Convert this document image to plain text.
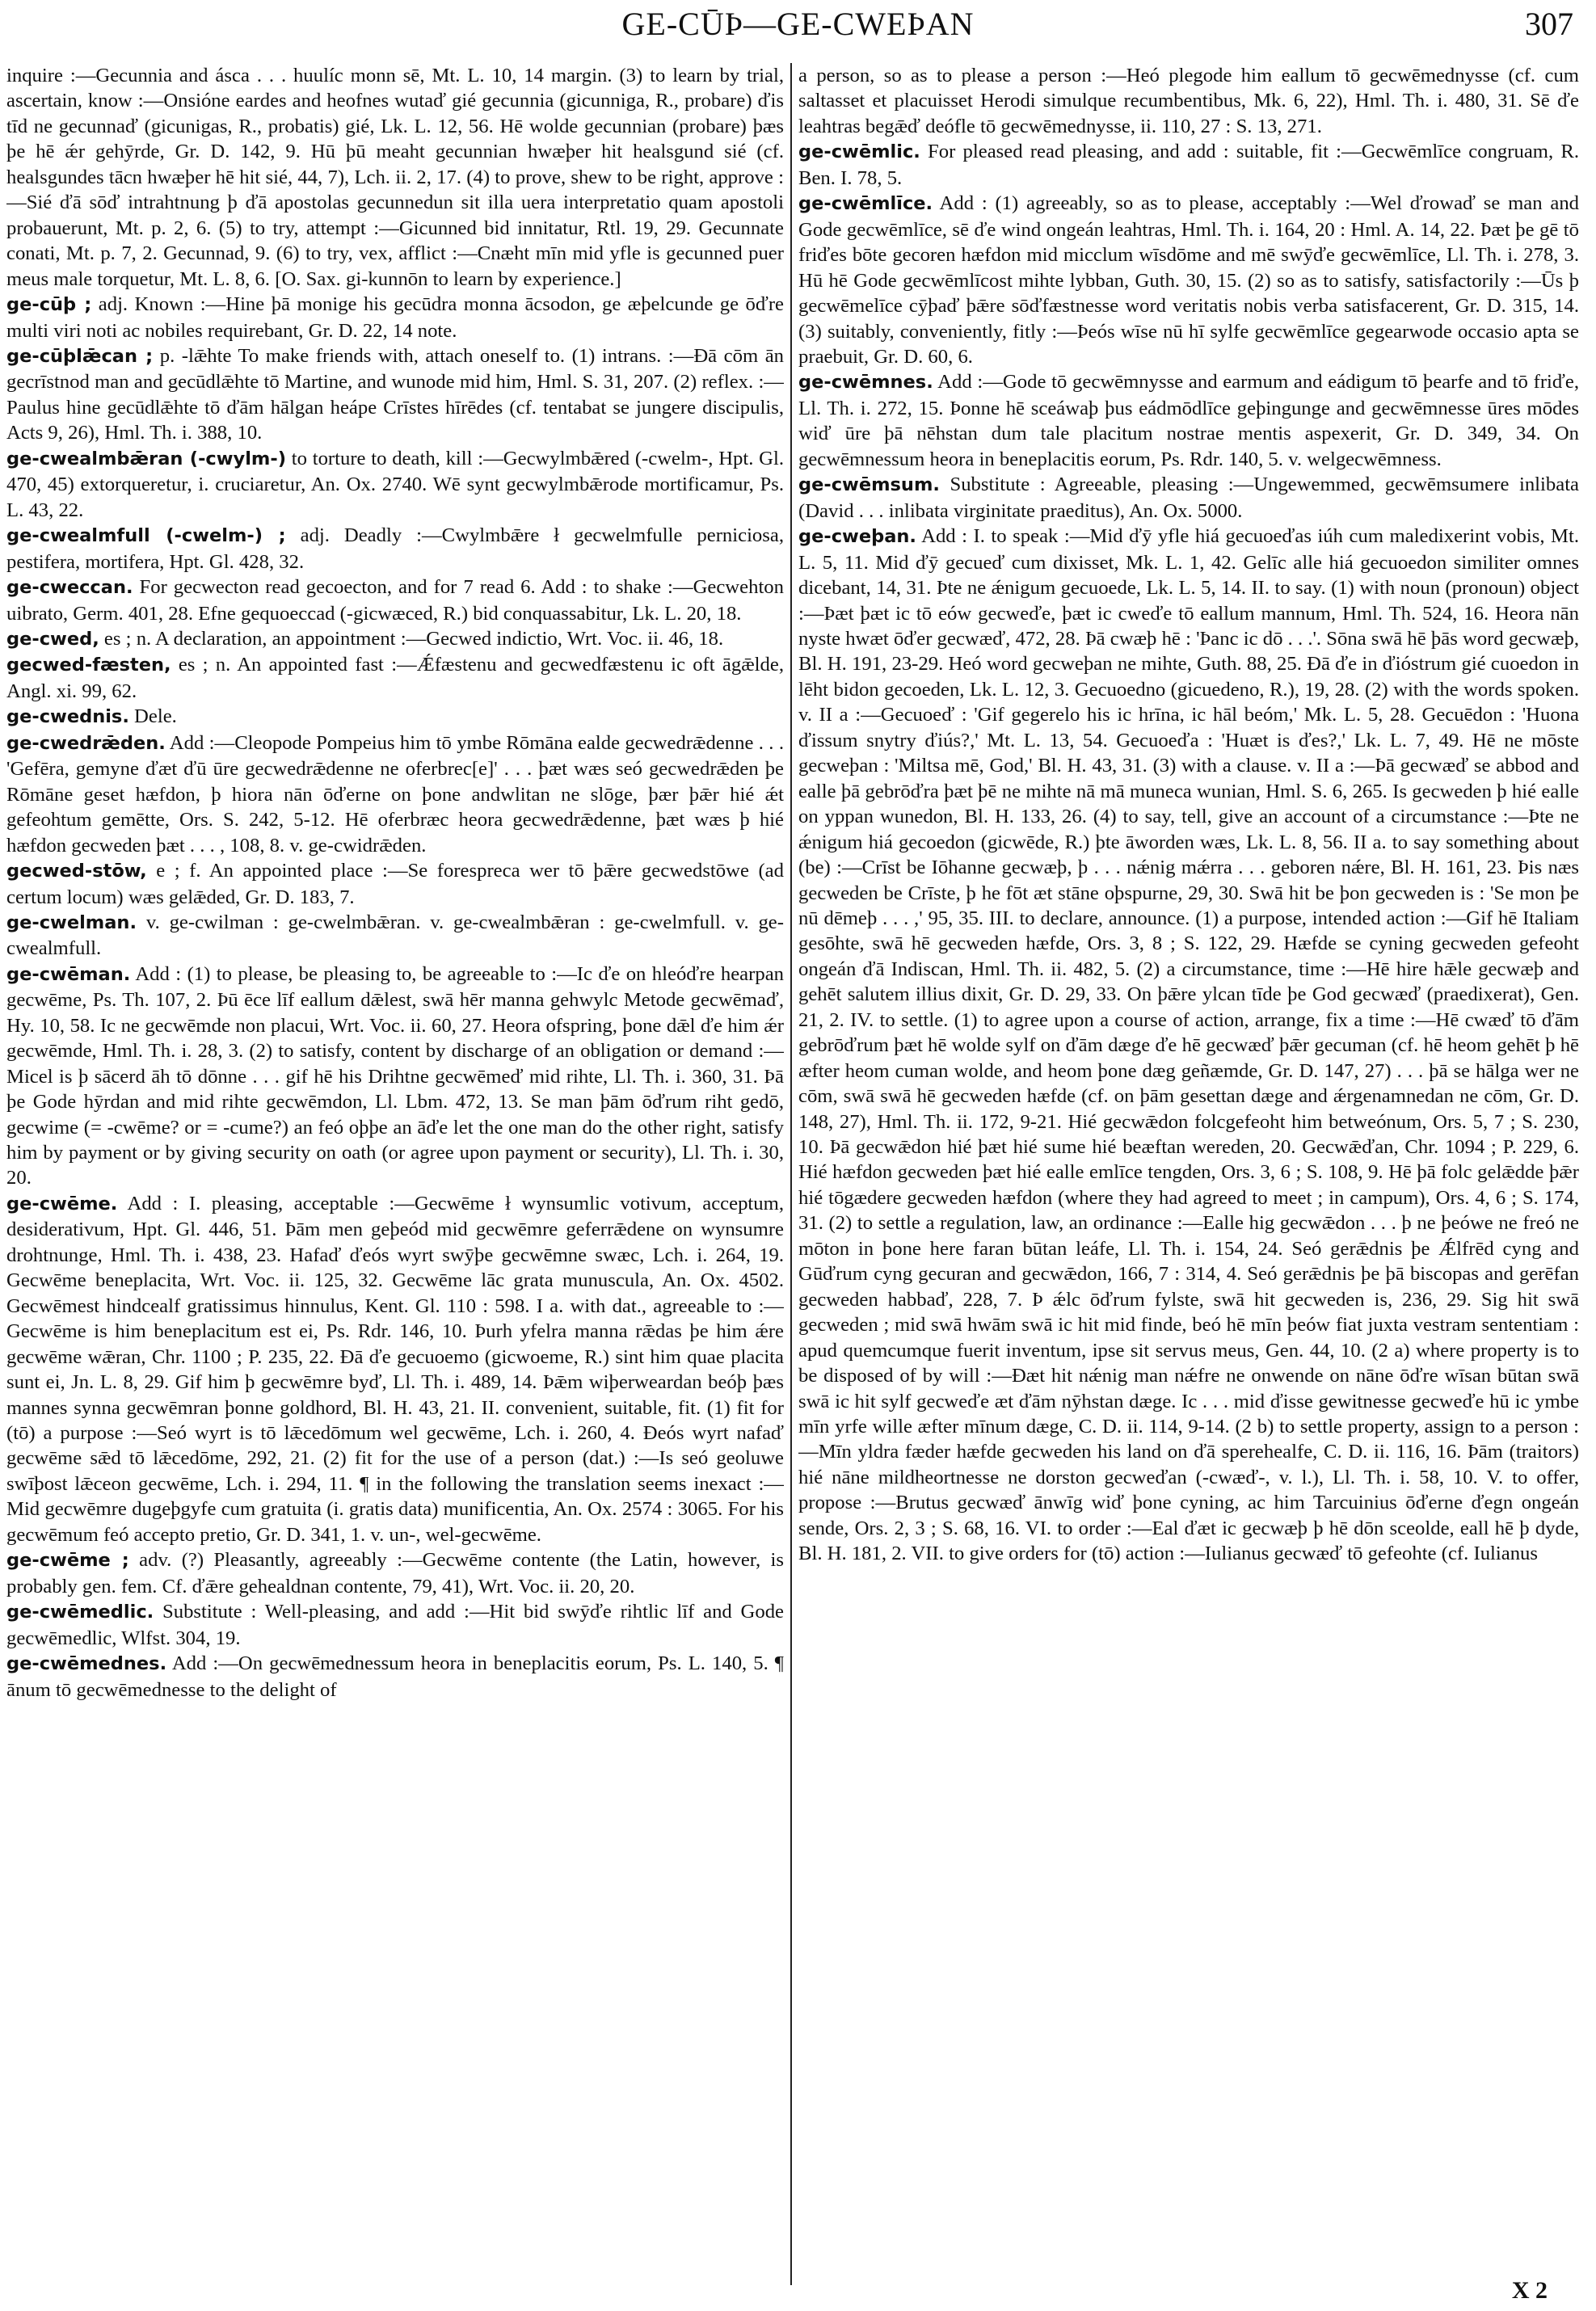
GE-CŪÞ—GE-CWEÞAN	307

inquire :—Gecunnia and ásca . . . huulíc monn sē, Mt. L. 10, 14 margin. (3) to learn by trial, ascertain, know :—Onsióne eardes and heofnes wutaď gié gecunnia (gicunniga, R., probare) ďis tīd ne gecunnaď (gicunigas, R., probatis) gié, Lk. L. 12, 56. Hē wolde gecunnian (probare) þæs þe hē ǽr gehȳrde, Gr. D. 142, 9. Hū þū meaht gecunnian hwæþer hit healsgund sié (cf. healsgundes tācn hwæþer hē hit sié, 44, 7), Lch. ii. 2, 17. (4) to prove, shew to be right, approve :—Sié ďā sōď intrahtnung þ ďā apostolas gecunnedun sit illa uera interpretatio quam apostoli probauerunt, Mt. p. 2, 6. (5) to try, attempt :—Gicunned bid innitatur, Rtl. 19, 29. Gecunnate conati, Mt. p. 7, 2. Gecunnad, 9. (6) to try, vex, afflict :—Cnæht mīn mid yfle is gecunned puer meus male torquetur, Mt. L. 8, 6. [O. Sax. gi-kunnōn to learn by experience.]

ge-cūþ ; adj. Known :—Hine þā monige his gecūdra monna ācsodon, ge æþelcunde ge ōďre multi viri noti ac nobiles requirebant, Gr. D. 22, 14 note.

ge-cūþlǣcan ; p. -lǣhte To make friends with, attach oneself to. (1) intrans. :—Đā cōm ān gecrīstnod man and gecūdlǣhte tō Martine, and wunode mid him, Hml. S. 31, 207. (2) reflex. :—Paulus hine gecūdlǣhte tō ďām hālgan heápe Crīstes hīrēdes (cf. tentabat se jungere discipulis, Acts 9, 26), Hml. Th. i. 388, 10.

ge-cwealmbǣran (-cwylm-) to torture to death, kill :—Gecwylmbǣred (-cwelm-, Hpt. Gl. 470, 45) extorqueretur, i. cruciaretur, An. Ox. 2740. Wē synt gecwylmbǣrode mortificamur, Ps. L. 43, 22.

ge-cwealmfull (-cwelm-) ; adj. Deadly :—Cwylmbǣre ł gecwelmfulle perniciosa, pestifera, mortifera, Hpt. Gl. 428, 32.

ge-cweccan. For gecwecton read gecoecton, and for 7 read 6. Add : to shake :—Gecwehton uibrato, Germ. 401, 28. Efne gequoeccad (-gicwæced, R.) bid conquassabitur, Lk. L. 20, 18.

ge-cwed, es ; n. A declaration, an appointment :—Gecwed indictio, Wrt. Voc. ii. 46, 18.

gecwed-fæsten, es ; n. An appointed fast :—Ǽfæstenu and gecwedfæstenu ic oft āgǣlde, Angl. xi. 99, 62.

ge-cwednis. Dele.

ge-cwedrǣden. Add :—Cleopode Pompeius him tō ymbe Rōmāna ealde gecwedrǣdenne . . . 'Gefēra, gemyne ďæt ďū ūre gecwedrǣdenne ne oferbrec[e]' . . . þæt wæs seó gecwedrǣden þe Rōmāne geset hæfdon, þ hiora nān ōďerne on þone andwlitan ne slōge, þær þǣr hié ǽt gefeohtum gemētte, Ors. S. 242, 5-12. Hē oferbræc heora gecwedrǣdenne, þæt wæs þ hié hæfdon gecweden þæt . . . , 108, 8. v. ge-cwidrǣden.

gecwed-stōw, e ; f. An appointed place :—Se forespreca wer tō þǣre gecwedstōwe (ad certum locum) wæs gelǣded, Gr. D. 183, 7.

ge-cwelman. v. ge-cwilman : ge-cwelmbǣran. v. ge-cwealmbǣran : ge-cwelmfull. v. ge-cwealmfull.

ge-cwēman. Add : (1) to please, be pleasing to, be agreeable to :—Ic ďe on hleóďre hearpan gecwēme, Ps. Th. 107, 2. Þū ēce līf eallum dǣlest, swā hēr manna gehwylc Metode gecwēmaď, Hy. 10, 58. Ic ne gecwēmde non placui, Wrt. Voc. ii. 60, 27. Heora ofspring, þone dǣl ďe him ǽr gecwēmde, Hml. Th. i. 28, 3. (2) to satisfy, content by discharge of an obligation or demand :—Micel is þ sācerd āh tō dōnne . . . gif hē his Drihtne gecwēmeď mid rihte, Ll. Th. i. 360, 31. Þā þe Gode hȳrdan and mid rihte gecwēmdon, Ll. Lbm. 472, 13. Se man þām ōďrum riht gedō, gecwime (= -cwēme? or = -cume?) an feó oþþe an āďe let the one man do the other right, satisfy him by payment or by giving security on oath (or agree upon payment or security), Ll. Th. i. 30, 20.

ge-cwēme. Add : I. pleasing, acceptable :—Gecwēme ł wynsumlic votivum, acceptum, desiderativum, Hpt. Gl. 446, 51. Þām men geþeód mid gecwēmre geferrǣdene on wynsumre drohtnunge, Hml. Th. i. 438, 23. Hafaď ďeós wyrt swȳþe gecwēmne swæc, Lch. i. 264, 19. Gecwēme beneplacita, Wrt. Voc. ii. 125, 32. Gecwēme lāc grata munuscula, An. Ox. 4502. Gecwēmest hindcealf gratissimus hinnulus, Kent. Gl. 110 : 598. I a. with dat., agreeable to :—Gecwēme is him beneplacitum est ei, Ps. Rdr. 146, 10. Þurh yfelra manna rǣdas þe him ǽre gecwēme wǣran, Chr. 1100 ; P. 235, 22. Đā ďe gecuoemo (gicwoeme, R.) sint him quae placita sunt ei, Jn. L. 8, 29. Gif him þ gecwēmre byď, Ll. Th. i. 489, 14. Þǣm wiþerweardan beóþ þæs mannes synna gecwēmran þonne goldhord, Bl. H. 43, 21. II. convenient, suitable, fit. (1) fit for (tō) a purpose :—Seó wyrt is tō lǣcedōmum wel gecwēme, Lch. i. 260, 4. Đeós wyrt nafaď gecwēme sǣd tō lǣcedōme, 292, 21. (2) fit for the use of a person (dat.) :—Is seó geoluwe swīþost lǣceon gecwēme, Lch. i. 294, 11. ¶ in the following the translation seems inexact :—Mid gecwēmre dugeþgyfe cum gratuita (i. gratis data) munificentia, An. Ox. 2574 : 3065. For his gecwēmum feó accepto pretio, Gr. D. 341, 1. v. un-, wel-gecwēme.

ge-cwēme ; adv. (?) Pleasantly, agreeably :—Gecwēme contente (the Latin, however, is probably gen. fem. Cf. ďǣre gehealdnan contente, 79, 41), Wrt. Voc. ii. 20, 20.

ge-cwēmedlic. Substitute : Well-pleasing, and add :—Hit bid swȳďe rihtlic līf and Gode gecwēmedlic, Wlfst. 304, 19.

ge-cwēmednes. Add :—On gecwēmednessum heora in beneplacitis eorum, Ps. L. 140, 5. ¶ ānum tō gecwēmednesse to the delight of

a person, so as to please a person :—Heó plegode him eallum tō gecwēmednysse (cf. cum saltasset et placuisset Herodi simulque recumbentibus, Mk. 6, 22), Hml. Th. i. 480, 31. Sē ďe leahtras begǣď deófle tō gecwēmednysse, ii. 110, 27 : S. 13, 271.

ge-cwēmlic. For pleased read pleasing, and add : suitable, fit :—Gecwēmlīce congruam, R. Ben. I. 78, 5.

ge-cwēmlīce. Add : (1) agreeably, so as to please, acceptably :—Wel ďrowaď se man and Gode gecwēmlīce, sē ďe wind ongeán leahtras, Hml. Th. i. 164, 20 : Hml. A. 14, 22. Þæt þe gē tō friďes bōte gecoren hæfdon mid micclum wīsdōme and mē swȳďe gecwēmlīce, Ll. Th. i. 278, 3. Hū hē Gode gecwēmlīcost mihte lybban, Guth. 30, 15. (2) so as to satisfy, satisfactorily :—Ūs þ gecwēmelīce cȳþaď þǣre sōďfæstnesse word veritatis nobis verba satisfacerent, Gr. D. 315, 14. (3) suitably, conveniently, fitly :—Þeós wīse nū hī sylfe gecwēmlīce gegearwode occasio apta se praebuit, Gr. D. 60, 6.

ge-cwēmnes. Add :—Gode tō gecwēmnysse and earmum and eádigum tō þearfe and tō friďe, Ll. Th. i. 272, 15. Þonne hē sceáwaþ þus eádmōdlīce geþingunge and gecwēmnesse ūres mōdes wiď ūre þā nēhstan dum tale placitum nostrae mentis aspexerit, Gr. D. 349, 34. On gecwēmnessum heora in beneplacitis eorum, Ps. Rdr. 140, 5. v. welgecwēmness.

ge-cwēmsum. Substitute : Agreeable, pleasing :—Ungewemmed, gecwēmsumere inlibata (David . . . inlibata virginitate praeditus), An. Ox. 5000.

ge-cweþan. Add : I. to speak :—Mid ďȳ yfle hiá gecuoeďas iúh cum maledixerint vobis, Mt. L. 5, 11. Mid ďȳ gecueď cum dixisset, Mk. L. 1, 42. Gelīc alle hiá gecuoedon similiter omnes dicebant, 14, 31. Þte ne ǽnigum gecuoede, Lk. L. 5, 14. II. to say. (1) with noun (pronoun) object :—Þæt þæt ic tō eów gecweďe, þæt ic cweďe tō eallum mannum, Hml. Th. 524, 16. Heora nān nyste hwæt ōďer gecwæď, 472, 28. Þā cwæþ hē : 'Þanc ic dō . . .'. Sōna swā hē þās word gecwæþ, Bl. H. 191, 23-29. Heó word gecweþan ne mihte, Guth. 88, 25. Đā ďe in ďióstrum gié cuoedon in lēht bidon gecoeden, Lk. L. 12, 3. Gecuoedno (gicuedeno, R.), 19, 28. (2) with the words spoken. v. II a :—Gecuoeď : 'Gif gegerelo his ic hrīna, ic hāl beóm,' Mk. L. 5, 28. Gecuēdon : 'Huona ďissum snytry ďiús?,' Mt. L. 13, 54. Gecuoeďa : 'Huæt is ďes?,' Lk. L. 7, 49. Hē ne mōste gecweþan : 'Miltsa mē, God,' Bl. H. 43, 31. (3) with a clause. v. II a :—Þā gecwæď se abbod and ealle þā gebrōďra þæt þē ne mihte nā mā muneca wunian, Hml. S. 6, 265. Is gecweden þ hié ealle on yppan wunedon, Bl. H. 133, 26. (4) to say, tell, give an account of a circumstance :—Þte ne ǽnigum hiá gecoedon (gicwēde, R.) þte āworden wæs, Lk. L. 8, 56. II a. to say something about (be) :—Crīst be Iōhanne gecwæþ, þ . . . nǽnig mǽrra . . . geboren nǽre, Bl. H. 161, 23. Þis næs gecweden be Crīste, þ he fōt æt stāne oþspurne, 29, 30. Swā hit be þon gecweden is : 'Se mon þe nū dēmeþ . . . ,' 95, 35. III. to declare, announce. (1) a purpose, intended action :—Gif hē Italiam gesōhte, swā hē gecweden hæfde, Ors. 3, 8 ; S. 122, 29. Hæfde se cyning gecweden gefeoht ongeán ďā Indiscan, Hml. Th. ii. 482, 5. (2) a circumstance, time :—Hē hire hǣle gecwæþ and gehēt salutem illius dixit, Gr. D. 29, 33. On þǣre ylcan tīde þe God gecwæď (praedixerat), Gen. 21, 2. IV. to settle. (1) to agree upon a course of action, arrange, fix a time :—Hē cwæď tō ďām gebrōďrum þæt hē wolde sylf on ďām dæge ďe hē gecwæď þǣr gecuman (cf. hē heom gehēt þ hē æfter heom cuman wolde, and heom þone dæg geñæmde, Gr. D. 147, 27) . . . þā se hālga wer ne cōm, swā swā hē gecweden hæfde (cf. on þām gesettan dæge and ǽrgenamnedan ne cōm, Gr. D. 148, 27), Hml. Th. ii. 172, 9-21. Hié gecwǣdon folcgefeoht him betweónum, Ors. 5, 7 ; S. 230, 10. Þā gecwǣdon hié þæt hié sume hié beæftan wereden, 20. Gecwǣďan, Chr. 1094 ; P. 229, 6. Hié hæfdon gecweden þæt hié ealle emlīce tengden, Ors. 3, 6 ; S. 108, 9. Hē þā folc gelǣdde þǣr hié tōgædere gecweden hæfdon (where they had agreed to meet ; in campum), Ors. 4, 6 ; S. 174, 31. (2) to settle a regulation, law, an ordinance :—Ealle hig gecwǣdon . . . þ ne þeówe ne freó ne mōton in þone here faran būtan leáfe, Ll. Th. i. 154, 24. Seó gerǣdnis þe Ǽlfrēd cyng and Gūďrum cyng gecuran and gecwǣdon, 166, 7 : 314, 4. Seó gerǣdnis þe þā biscopas and gerēfan gecweden habbaď, 228, 7. Þ ǽlc ōďrum fylste, swā hit gecweden is, 236, 29. Sig hit swā gecweden ; mid swā hwām swā ic hit mid finde, beó hē mīn þeów fiat juxta vestram sententiam : apud quemcumque fuerit inventum, ipse sit servus meus, Gen. 44, 10. (2 a) where property is to be disposed of by will :—Đæt hit nǽnig man nǽfre ne onwende on nāne ōďre wīsan būtan swā swā ic hit sylf gecweďe æt ďām nȳhstan dæge. Ic . . . mid ďisse gewitnesse gecweďe hū ic ymbe mīn yrfe wille æfter mīnum dæge, C. D. ii. 114, 9-14. (2 b) to settle property, assign to a person :—Mīn yldra fæder hæfde gecweden his land on ďā sperehealfe, C. D. ii. 116, 16. Þām (traitors) hié nāne mildheortnesse ne dorston gecweďan (-cwæď-, v. l.), Ll. Th. i. 58, 10. V. to offer, propose :—Brutus gecwæď ānwīg wiď þone cyning, ac him Tarcuinius ōďerne ďegn ongeán sende, Ors. 2, 3 ; S. 68, 16. VI. to order :—Eal ďæt ic gecwæþ þ hē dōn sceolde, eall hē þ dyde, Bl. H. 181, 2. VII. to give orders for (tō) action :—Iulianus gecwæď tō gefeohte (cf. Iulianus

X 2
